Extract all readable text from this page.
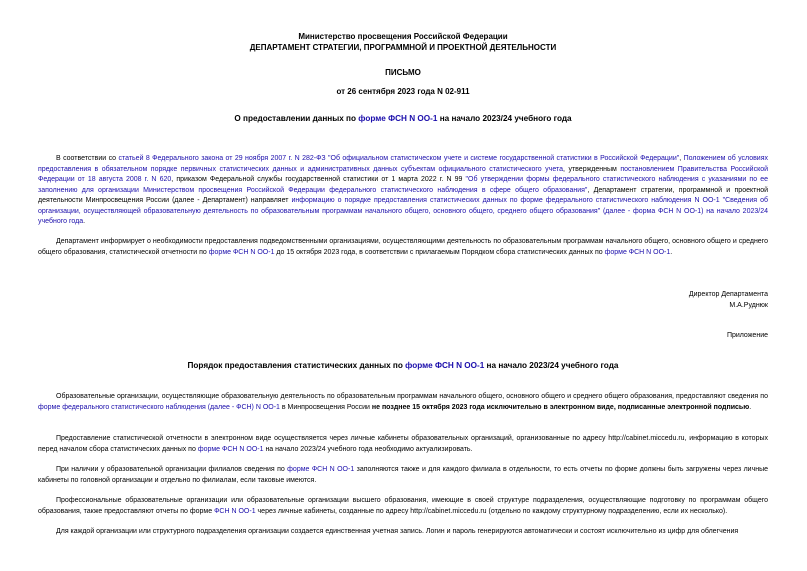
Министерство просвещения Российской Федерации
ДЕПАРТАМЕНТ СТРАТЕГИИ, ПРОГРАММНОЙ И ПРОЕКТНОЙ ДЕЯТЕЛЬНОСТИ
ПИСЬМО
от 26 сентября 2023 года N 02-911
О предоставлении данных по форме ФСН N ОО-1 на начало 2023/24 учебного года

В соответствии со статьей 8 Федерального закона от 29 ноября 2007 г. N 282-ФЗ "Об официальном статистическом учете и системе государственной статистики в Российской Федерации", Положением об условиях предоставления в обязательном порядке первичных статистических данных и административных данных субъектам официального статистического учета, утвержденным постановлением Правительства Российской Федерации от 18 августа 2008 г. N 620, приказом Федеральной службы государственной статистики от 1 марта 2022 г. N 99 "Об утверждении формы федерального статистического наблюдения с указаниями по ее заполнению для организации Министерством просвещения Российской Федерации федерального статистического наблюдения в сфере общего образования", Департамент стратегии, программной и проектной деятельности Минпросвещения России (далее - Департамент) направляет информацию о порядке предоставления статистических данных по форме федерального статистического наблюдения N ОО-1 "Сведения об организации, осуществляющей образовательную деятельность по образовательным программам начального общего, основного общего, среднего общего образования" (далее - форма ФСН N ОО-1) на начало 2023/24 учебного года.

Департамент информирует о необходимости предоставления подведомственными организациями, осуществляющими деятельность по образовательным программам начального общего, основного общего и среднего общего образования, статистической отчетности по форме ФСН N ОО-1 до 15 октября 2023 года, в соответствии с прилагаемым Порядком сбора статистических данных по форме ФСН N ОО-1.

Директор Департамента
М.А.Руднюк
Приложение
Порядок предоставления статистических данных по форме ФСН N ОО-1 на начало 2023/24 учебного года

Образовательные организации, осуществляющие образовательную деятельность по образовательным программам начального общего, основного общего и среднего общего образования, предоставляют сведения по форме федерального статистического наблюдения (далее - ФСН) N ОО-1 в Минпросвещения России не позднее 15 октября 2023 года исключительно в электронном виде, подписанные электронной подписью.

Предоставление статистической отчетности в электронном виде осуществляется через личные кабинеты образовательных организаций, организованные по адресу http://cabinet.miccedu.ru, информацию в которых перед началом сбора статистических данных по форме ФСН N ОО-1 на начало 2023/24 учебного года необходимо актуализировать.

При наличии у образовательной организации филиалов сведения по форме ФСН N ОО-1 заполняются также и для каждого филиала в отдельности, то есть отчеты по форме должны быть загружены через личные кабинеты по головной организации и отдельно по филиалам, если таковые имеются.

Профессиональные образовательные организации или образовательные организации высшего образования, имеющие в своей структуре подразделения, осуществляющие подготовку по программам общего образования, также предоставляют отчеты по форме ФСН N ОО-1 через личные кабинеты, созданные по адресу http://cabinet.miccedu.ru (отдельно по каждому структурному подразделению, если их несколько).

Для каждой организации или структурного подразделения организации создается единственная учетная запись. Логин и пароль генерируются автоматически и состоят исключительно из цифр для облегчения
